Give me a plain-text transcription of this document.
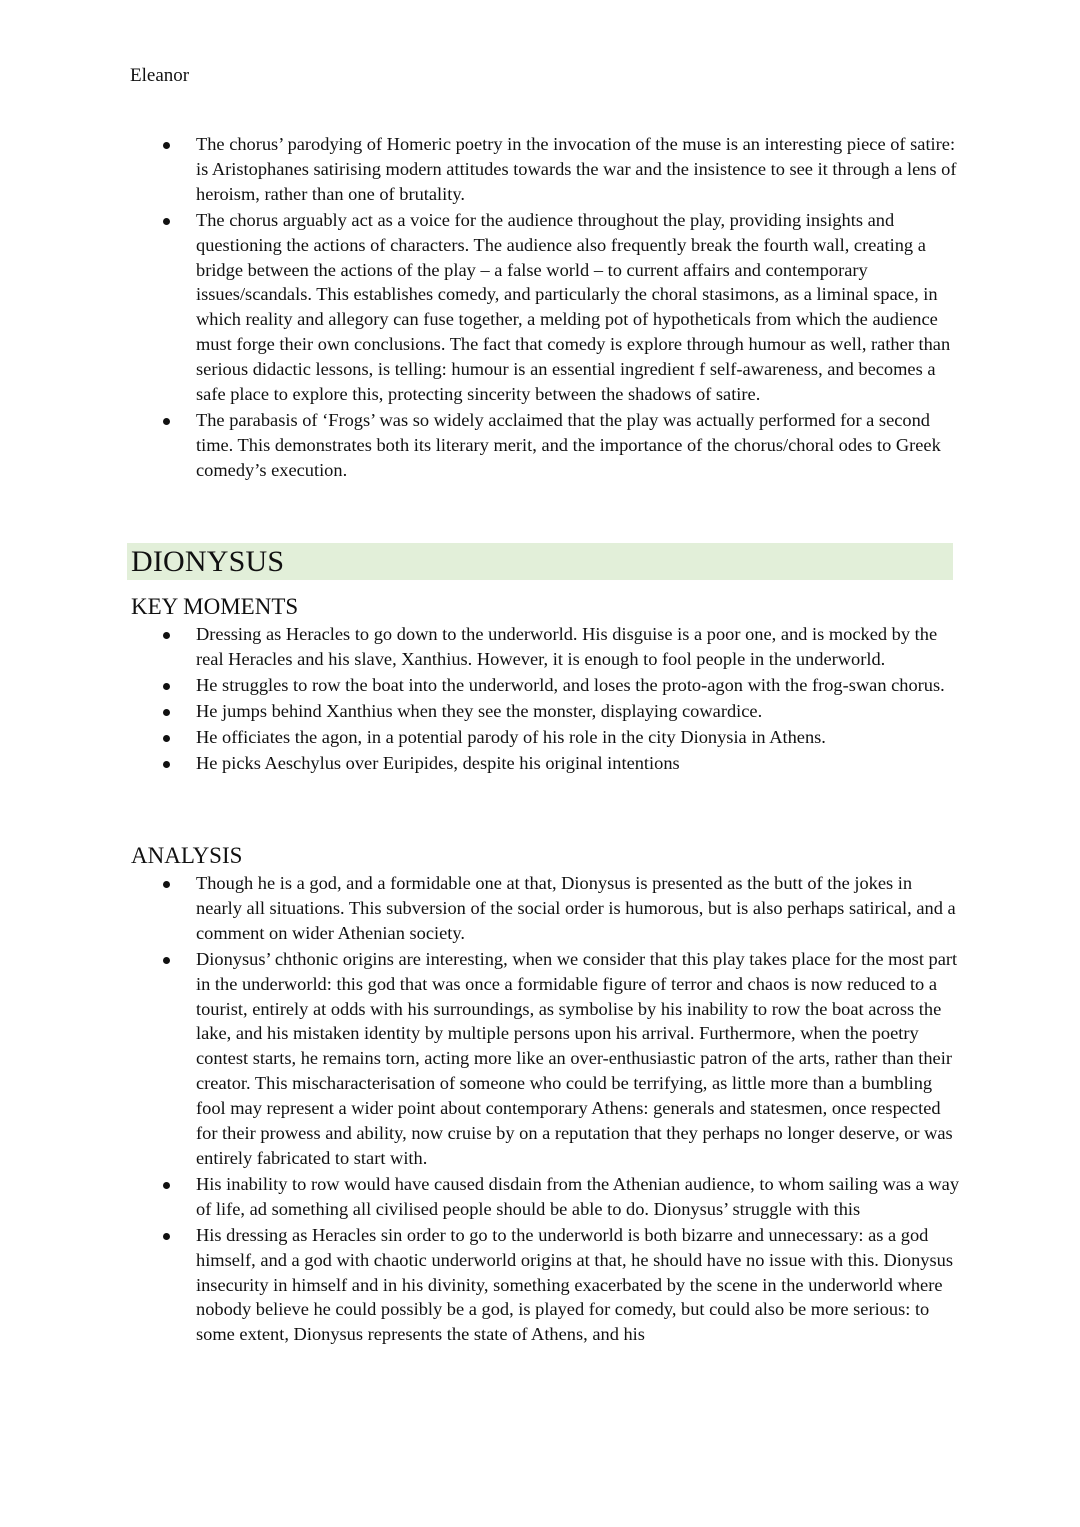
Eleanor
The chorus’ parodying of Homeric poetry in the invocation of the muse is an interesting piece of satire: is Aristophanes satirising modern attitudes towards the war and the insistence to see it through a lens of heroism, rather than one of brutality.
The chorus arguably act as a voice for the audience throughout the play, providing insights and questioning the actions of characters. The audience also frequently break the fourth wall, creating a bridge between the actions of the play – a false world – to current affairs and contemporary issues/scandals. This establishes comedy, and particularly the choral stasimons, as a liminal space, in which reality and allegory can fuse together, a melding pot of hypotheticals from which the audience must forge their own conclusions. The fact that comedy is explore through humour as well, rather than serious didactic lessons, is telling: humour is an essential ingredient f self-awareness, and becomes a safe place to explore this, protecting sincerity between the shadows of satire.
The parabasis of ‘Frogs’ was so widely acclaimed that the play was actually performed for a second time. This demonstrates both its literary merit, and the importance of the chorus/choral odes to Greek comedy’s execution.
DIONYSUS
KEY MOMENTS
Dressing as Heracles to go down to the underworld. His disguise is a poor one, and is mocked by the real Heracles and his slave, Xanthius. However, it is enough to fool people in the underworld.
He struggles to row the boat into the underworld, and loses the proto-agon with the frog-swan chorus.
He jumps behind Xanthius when they see the monster, displaying cowardice.
He officiates the agon, in a potential parody of his role in the city Dionysia in Athens.
He picks Aeschylus over Euripides, despite his original intentions
ANALYSIS
Though he is a god, and a formidable one at that, Dionysus is presented as the butt of the jokes in nearly all situations. This subversion of the social order is humorous, but is also perhaps satirical, and a comment on wider Athenian society.
Dionysus’ chthonic origins are interesting, when we consider that this play takes place for the most part in the underworld: this god that was once a formidable figure of terror and chaos is now reduced to a tourist, entirely at odds with his surroundings, as symbolise by his inability to row the boat across the lake, and his mistaken identity by multiple persons upon his arrival. Furthermore, when the poetry contest starts, he remains torn, acting more like an over-enthusiastic patron of the arts, rather than their creator. This mischaracterisation of someone who could be terrifying, as little more than a bumbling fool may represent a wider point about contemporary Athens: generals and statesmen, once respected for their prowess and ability, now cruise by on a reputation that they perhaps no longer deserve, or was entirely fabricated to start with.
His inability to row would have caused disdain from the Athenian audience, to whom sailing was a way of life, ad something all civilised people should be able to do. Dionysus’ struggle with this
His dressing as Heracles sin order to go to the underworld is both bizarre and unnecessary: as a god himself, and a god with chaotic underworld origins at that, he should have no issue with this. Dionysus insecurity in himself and in his divinity, something exacerbated by the scene in the underworld where nobody believe he could possibly be a god, is played for comedy, but could also be more serious: to some extent, Dionysus represents the state of Athens, and his
